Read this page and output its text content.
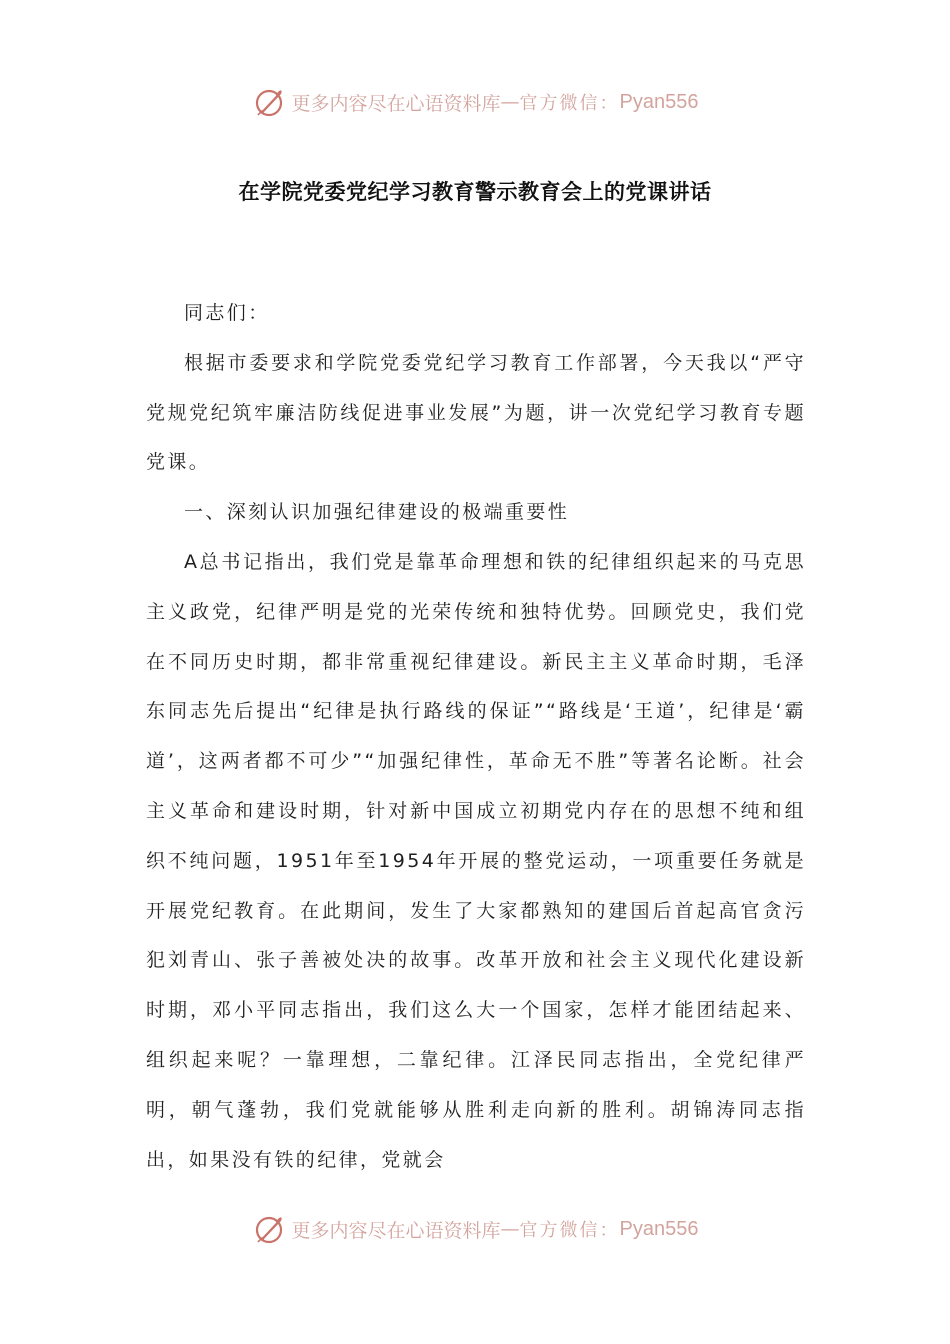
更多内容尽在心语资料库 — 官方微信： Pyan556
在学院党委党纪学习教育警示教育会上的党课讲话

同志们：

根据市委要求和学院党委党纪学习教育工作部署，今天我以“严守党规党纪筑牢廉洁防线促进事业发展”为题，讲一次党纪学习教育专题党课。

一、深刻认识加强纪律建设的极端重要性

A总书记指出，我们党是靠革命理想和铁的纪律组织起来的马克思主义政党，纪律严明是党的光荣传统和独特优势。回顾党史，我们党在不同历史时期，都非常重视纪律建设。新民主主义革命时期，毛泽东同志先后提出“纪律是执行路线的保证”“路线是‘王道’，纪律是‘霸道’，这两者都不可少”“加强纪律性，革命无不胜”等著名论断。社会主义革命和建设时期，针对新中国成立初期党内存在的思想不纯和组织不纯问题，1951年至1954年开展的整党运动，一项重要任务就是开展党纪教育。在此期间，发生了大家都熟知的建国后首起高官贪污犯刘青山、张子善被处决的故事。改革开放和社会主义现代化建设新时期，邓小平同志指出，我们这么大一个国家，怎样才能团结起来、组织起来呢？一靠理想，二靠纪律。江泽民同志指出，全党纪律严明，朝气蓬勃，我们党就能够从胜利走向新的胜利。胡锦涛同志指出，如果没有铁的纪律，党就会

更多内容尽在心语资料库 — 官方微信： Pyan556
